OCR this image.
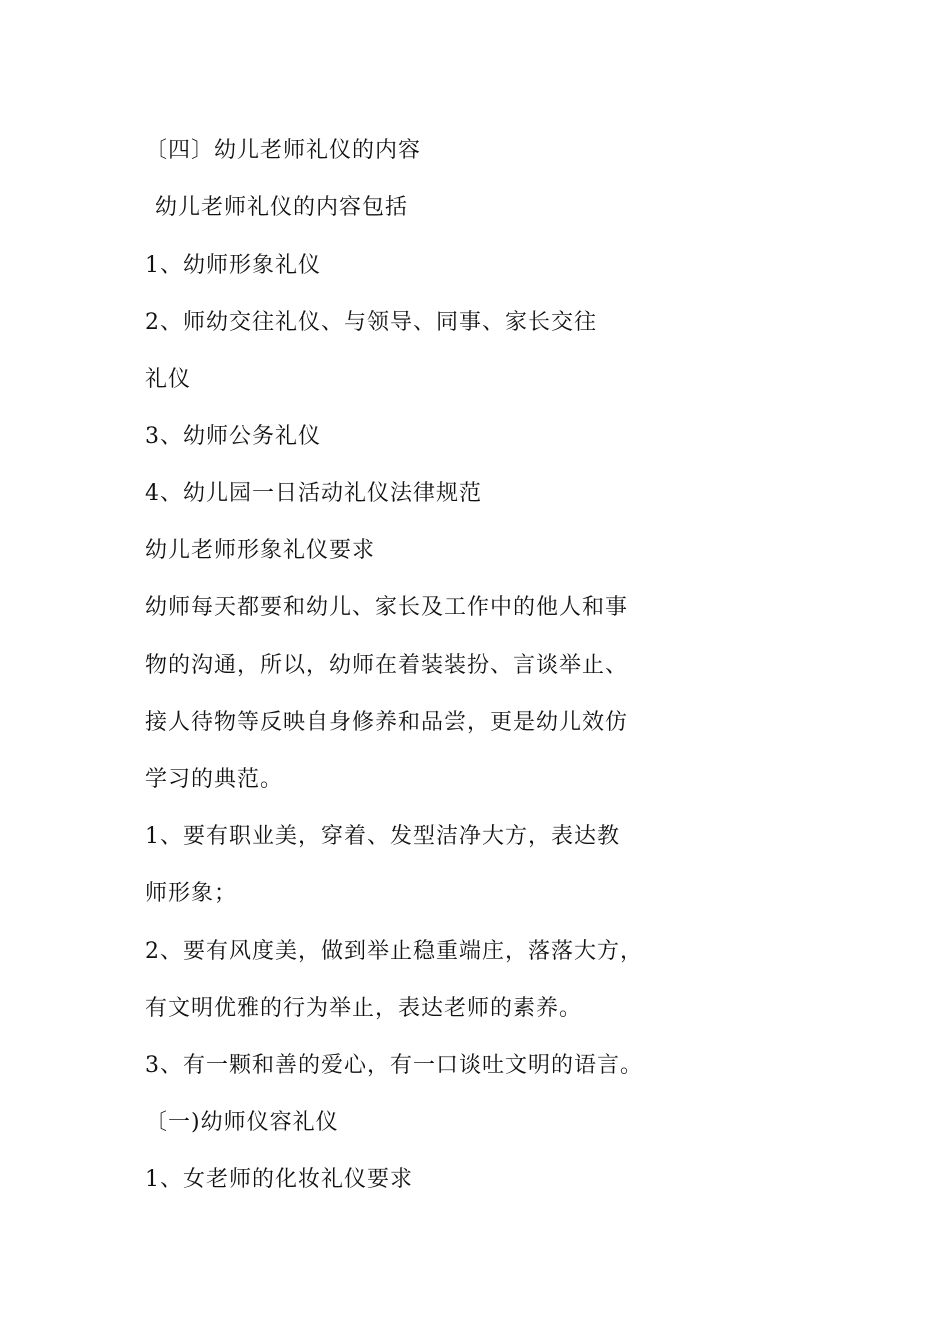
〔四〕幼儿老师礼仪的内容
幼儿老师礼仪的内容包括
1、幼师形象礼仪
2、师幼交往礼仪、与领导、同事、家长交往
礼仪
3、幼师公务礼仪
4、幼儿园一日活动礼仪法律规范
幼儿老师形象礼仪要求
幼师每天都要和幼儿、家长及工作中的他人和事
物的沟通，所以，幼师在着装装扮、言谈举止、
接人待物等反映自身修养和品尝，更是幼儿效仿
学习的典范。
1、要有职业美，穿着、发型洁净大方，表达教
师形象；
2、要有风度美，做到举止稳重端庄，落落大方，
有文明优雅的行为举止，表达老师的素养。
3、有一颗和善的爱心，有一口谈吐文明的语言。
〔一)幼师仪容礼仪
1、女老师的化妆礼仪要求
